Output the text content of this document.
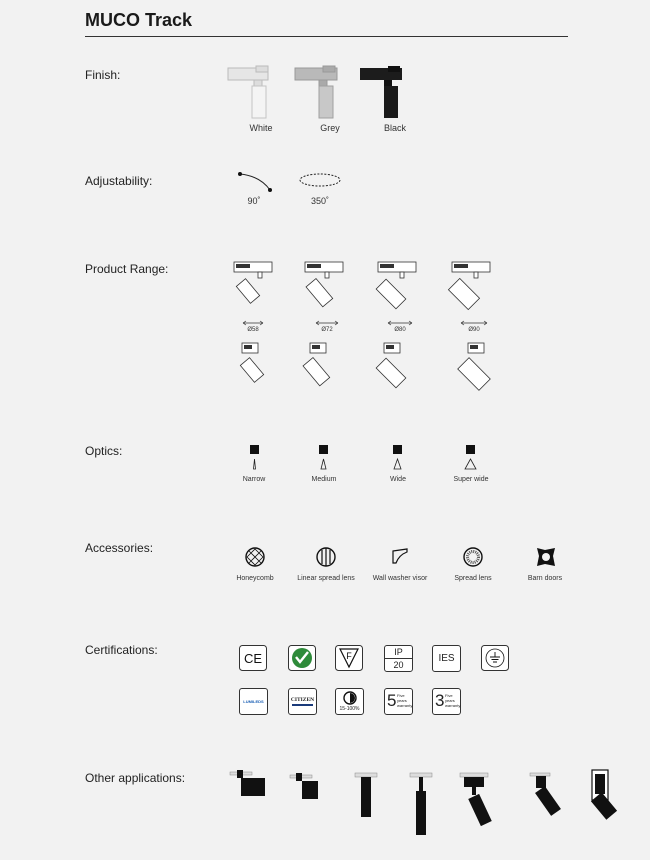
MUCO Track
Finish:
White	Grey	Black
Adjustability:
90˚	350˚
Product Range:
Ø58	Ø72	Ø80	Ø90
Optics:
Narrow	Medium	Wide	Super wide
Accessories:
Honeycomb	Linear spread lens	Wall washer visor	Spread lens	Barn doors
Certifications:
CE	F	IP
20
IES
LUMILEDS	CITIZEN
15-100% 5 Five
years
warranty 3 Five
years
warranty
Other applications:
